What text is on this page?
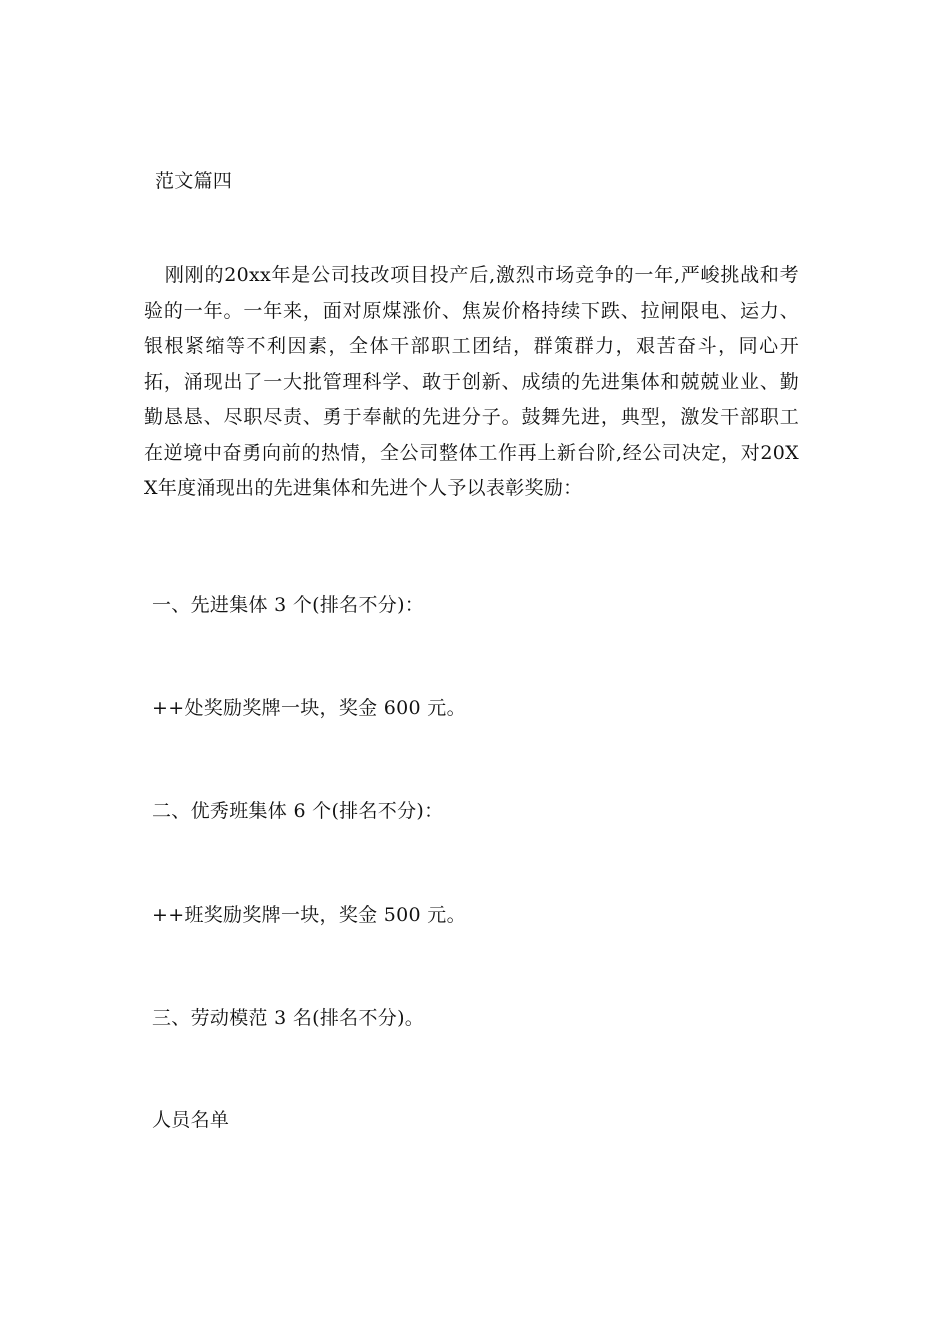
范文篇四
刚刚的20xx年是公司技改项目投产后,激烈市场竞争的一年,严峻挑战和考验的一年。一年来，面对原煤涨价、焦炭价格持续下跌、拉闸限电、运力、银根紧缩等不利因素，全体干部职工团结，群策群力，艰苦奋斗，同心开拓，涌现出了一大批管理科学、敢于创新、成绩的先进集体和兢兢业业、勤勤恳恳、尽职尽责、勇于奉献的先进分子。鼓舞先进，典型，激发干部职工在逆境中奋勇向前的热情，全公司整体工作再上新台阶,经公司决定，对20XX年度涌现出的先进集体和先进个人予以表彰奖励：
一、先进集体 3 个(排名不分)：
++处奖励奖牌一块，奖金 600 元。
二、优秀班集体 6 个(排名不分)：
++班奖励奖牌一块，奖金 500 元。
三、劳动模范 3 名(排名不分)。
人员名单
